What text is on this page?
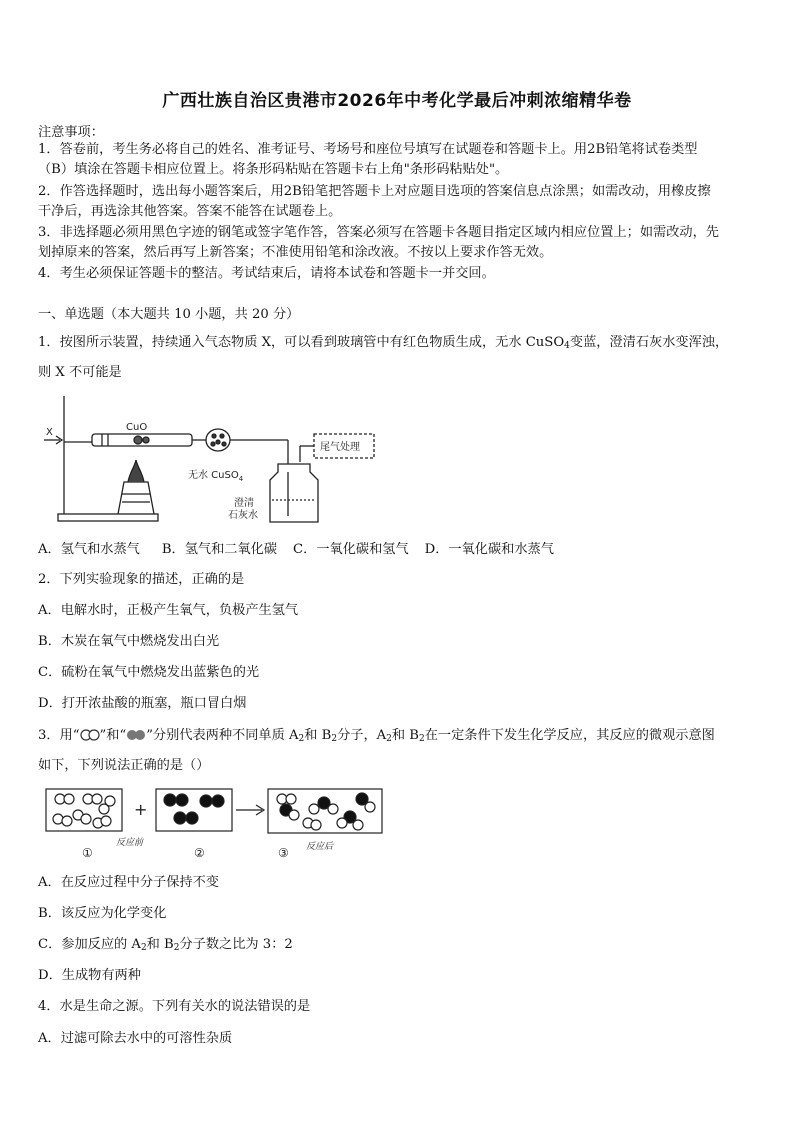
广西壮族自治区贵港市2026年中考化学最后冲刺浓缩精华卷
注意事项：
1．答卷前，考生务必将自己的姓名、准考证号、考场号和座位号填写在试题卷和答题卡上。用2B铅笔将试卷类型
（B）填涂在答题卡相应位置上。将条形码粘贴在答题卡右上角"条形码粘贴处"。
2．作答选择题时，选出每小题答案后，用2B铅笔把答题卡上对应题目选项的答案信息点涂黑；如需改动，用橡皮擦
干净后，再选涂其他答案。答案不能答在试题卷上。
3．非选择题必须用黑色字迹的钢笔或签字笔作答，答案必须写在答题卡各题目指定区域内相应位置上；如需改动，先
划掉原来的答案，然后再写上新答案；不准使用铅笔和涂改液。不按以上要求作答无效。
4．考生必须保证答题卡的整洁。考试结束后，请将本试卷和答题卡一并交回。
一、单选题（本大题共 10 小题，共 20 分）
1．按图所示装置，持续通入气态物质 X，可以看到玻璃管中有红色物质生成，无水 CuSO$_4$变蓝，澄清石灰水变浑浊，
则 X 不可能是
X	CuO
无水 CuSO$_4$
尾气处理
澄清
石灰水
A．氢气和水蒸气 B．氢气和二氧化碳 C．一氧化碳和氢气 D．一氧化碳和水蒸气
2．下列实验现象的描述，正确的是
A．电解水时，正极产生氧气，负极产生氢气
B．木炭在氧气中燃烧发出白光
C．硫粉在氧气中燃烧发出蓝紫色的光
D．打开浓盐酸的瓶塞，瓶口冒白烟
3．用“ ”和“ ”分别代表两种不同单质 $A_2$和 $B_2$分子，$A_2$和 $B_2$在一定条件下发生化学反应，其反应的微观示意图
如下，下列说法正确的是（）
+
①	②	③
反应前	反应后
A．在反应过程中分子保持不变
B．该反应为化学变化
C．参加反应的 $A_2$和 $B_2$分子数之比为 3：2
D．生成物有两种
4．水是生命之源。下列有关水的说法错误的是
A．过滤可除去水中的可溶性杂质
